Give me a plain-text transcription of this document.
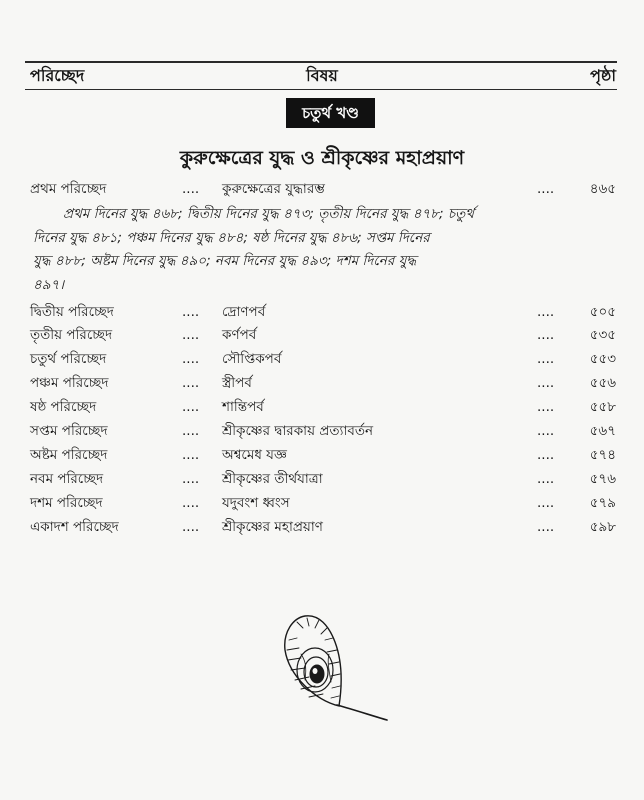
পরিচ্ছেদ	বিষয়	পৃষ্ঠা
চতুর্থ খণ্ড
কুরুক্ষেত্রের যুদ্ধ ও শ্রীকৃষ্ণের মহাপ্রয়াণ
প্রথম পরিচ্ছেদ	.... কুরুক্ষেত্রের যুদ্ধারম্ভ	....	৪৬৫
প্রথম দিনের যুদ্ধ ৪৬৮; দ্বিতীয় দিনের যুদ্ধ ৪৭৩; তৃতীয় দিনের যুদ্ধ ৪৭৮; চতুর্থ
দিনের যুদ্ধ ৪৮১; পঞ্চম দিনের যুদ্ধ ৪৮৪; ষষ্ঠ দিনের যুদ্ধ ৪৮৬; সপ্তম দিনের
যুদ্ধ ৪৮৮; অষ্টম দিনের যুদ্ধ ৪৯০; নবম দিনের যুদ্ধ ৪৯৩; দশম দিনের যুদ্ধ
৪৯৭।
দ্বিতীয় পরিচ্ছেদ	.... দ্রোণপর্ব	....	৫০৫
তৃতীয় পরিচ্ছেদ	.... কর্ণপর্ব	....	৫৩৫
চতুর্থ পরিচ্ছেদ	.... সৌপ্তিকপর্ব	....	৫৫৩
পঞ্চম পরিচ্ছেদ	.... স্ত্রীপর্ব	....	৫৫৬
ষষ্ঠ পরিচ্ছেদ	.... শান্তিপর্ব	....	৫৫৮
সপ্তম পরিচ্ছেদ	.... শ্রীকৃষ্ণের দ্বারকায় প্রত্যাবর্তন	....	৫৬৭
অষ্টম পরিচ্ছেদ	.... অশ্বমেধ যজ্ঞ	....	৫৭৪
নবম পরিচ্ছেদ	.... শ্রীকৃষ্ণের তীর্থযাত্রা	....	৫৭৬
দশম পরিচ্ছেদ	.... যদুবংশ ধ্বংস	....	৫৭৯
একাদশ পরিচ্ছেদ	.... শ্রীকৃষ্ণের মহাপ্রয়াণ	....	৫৯৮
